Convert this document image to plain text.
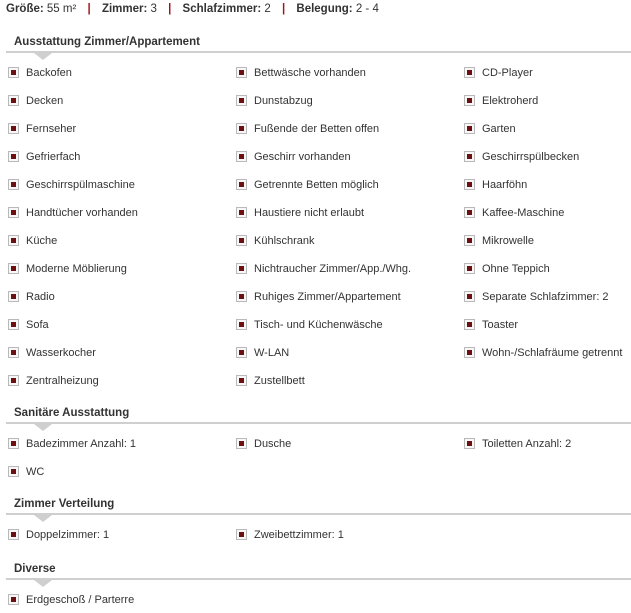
Größe: 55 m² | Zimmer: 3 | Schlafzimmer: 2 | Belegung: 2 - 4
Ausstattung Zimmer/Appartement
Backofen	Bettwäsche vorhanden	CD-Player
Decken	Dunstabzug	Elektroherd
Fernseher	Fußende der Betten offen	Garten
Gefrierfach	Geschirr vorhanden	Geschirrspülbecken
Geschirrspülmaschine	Getrennte Betten möglich	Haarföhn
Handtücher vorhanden	Haustiere nicht erlaubt	Kaffee-Maschine
Küche	Kühlschrank	Mikrowelle
Moderne Möblierung	Nichtraucher Zimmer/App./Whg.	Ohne Teppich
Radio	Ruhiges Zimmer/Appartement	Separate Schlafzimmer: 2
Sofa	Tisch- und Küchenwäsche	Toaster
Wasserkocher	W-LAN	Wohn-/Schlafräume getrennt
Zentralheizung	Zustellbett
Sanitäre Ausstattung
Badezimmer Anzahl: 1	Dusche	Toiletten Anzahl: 2
WC
Zimmer Verteilung
Doppelzimmer: 1	Zweibettzimmer: 1
Diverse
Erdgeschoß / Parterre
